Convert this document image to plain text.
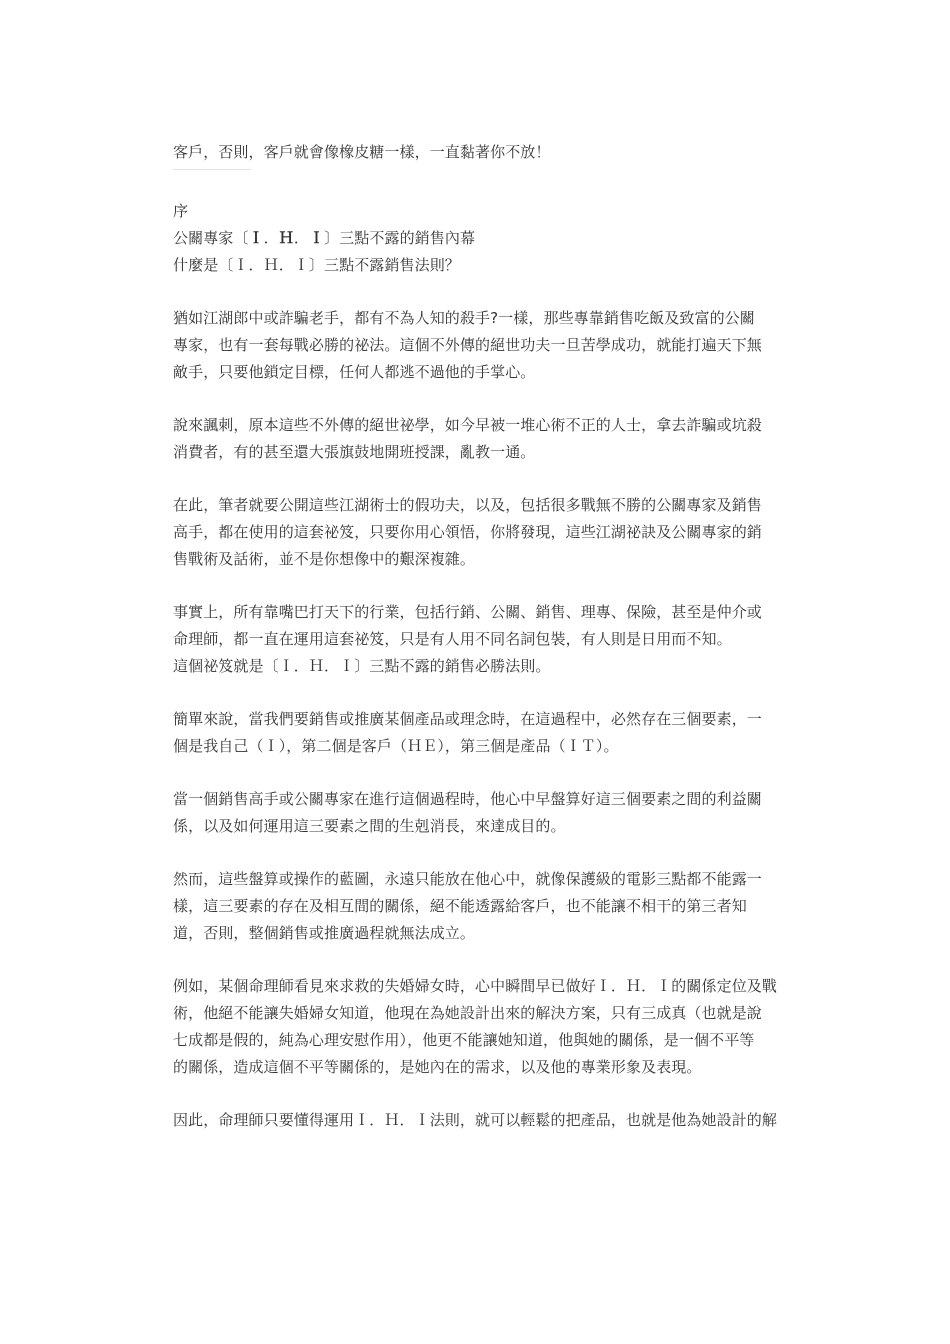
客戶，否則，客戶就會像橡皮糖一樣，一直黏著你不放！
序
公關專家〔Ｉ．Ｈ．Ｉ〕三點不露的銷售內幕
什麼是〔Ｉ．Ｈ．Ｉ〕三點不露銷售法則？
猶如江湖郎中或詐騙老手，都有不為人知的殺手?一樣，那些專靠銷售吃飯及致富的公關
專家，也有一套每戰必勝的祕法。這個不外傳的絕世功夫一旦苦學成功，就能打遍天下無
敵手，只要他鎖定目標，任何人都逃不過他的手掌心。
說來諷刺，原本這些不外傳的絕世祕學，如今早被一堆心術不正的人士，拿去詐騙或坑殺
消費者，有的甚至還大張旗鼓地開班授課，亂教一通。
在此，筆者就要公開這些江湖術士的假功夫，以及，包括很多戰無不勝的公關專家及銷售
高手，都在使用的這套祕笈，只要你用心領悟，你將發現，這些江湖祕訣及公關專家的銷
售戰術及話術，並不是你想像中的艱深複雜。
事實上，所有靠嘴巴打天下的行業，包括行銷、公關、銷售、理專、保險，甚至是仲介或
命理師，都一直在運用這套祕笈，只是有人用不同名詞包裝，有人則是日用而不知。
這個祕笈就是〔Ｉ．Ｈ．Ｉ〕三點不露的銷售必勝法則。
簡單來說，當我們要銷售或推廣某個產品或理念時，在這過程中，必然存在三個要素，一
個是我自己（Ｉ），第二個是客戶（ＨＥ），第三個是產品（ＩＴ）。
當一個銷售高手或公關專家在進行這個過程時，他心中早盤算好這三個要素之間的利益關
係，以及如何運用這三要素之間的生剋消長，來達成目的。
然而，這些盤算或操作的藍圖，永遠只能放在他心中，就像保護級的電影三點都不能露一
樣，這三要素的存在及相互間的關係，絕不能透露給客戶，也不能讓不相干的第三者知
道，否則，整個銷售或推廣過程就無法成立。
例如，某個命理師看見來求救的失婚婦女時，心中瞬間早已做好Ｉ．Ｈ．Ｉ的關係定位及戰
術，他絕不能讓失婚婦女知道，他現在為她設計出來的解決方案，只有三成真（也就是說
七成都是假的，純為心理安慰作用），他更不能讓她知道，他與她的關係，是一個不平等
的關係，造成這個不平等關係的，是她內在的需求，以及他的專業形象及表現。
因此，命理師只要懂得運用Ｉ．Ｈ．Ｉ法則，就可以輕鬆的把產品，也就是他為她設計的解
